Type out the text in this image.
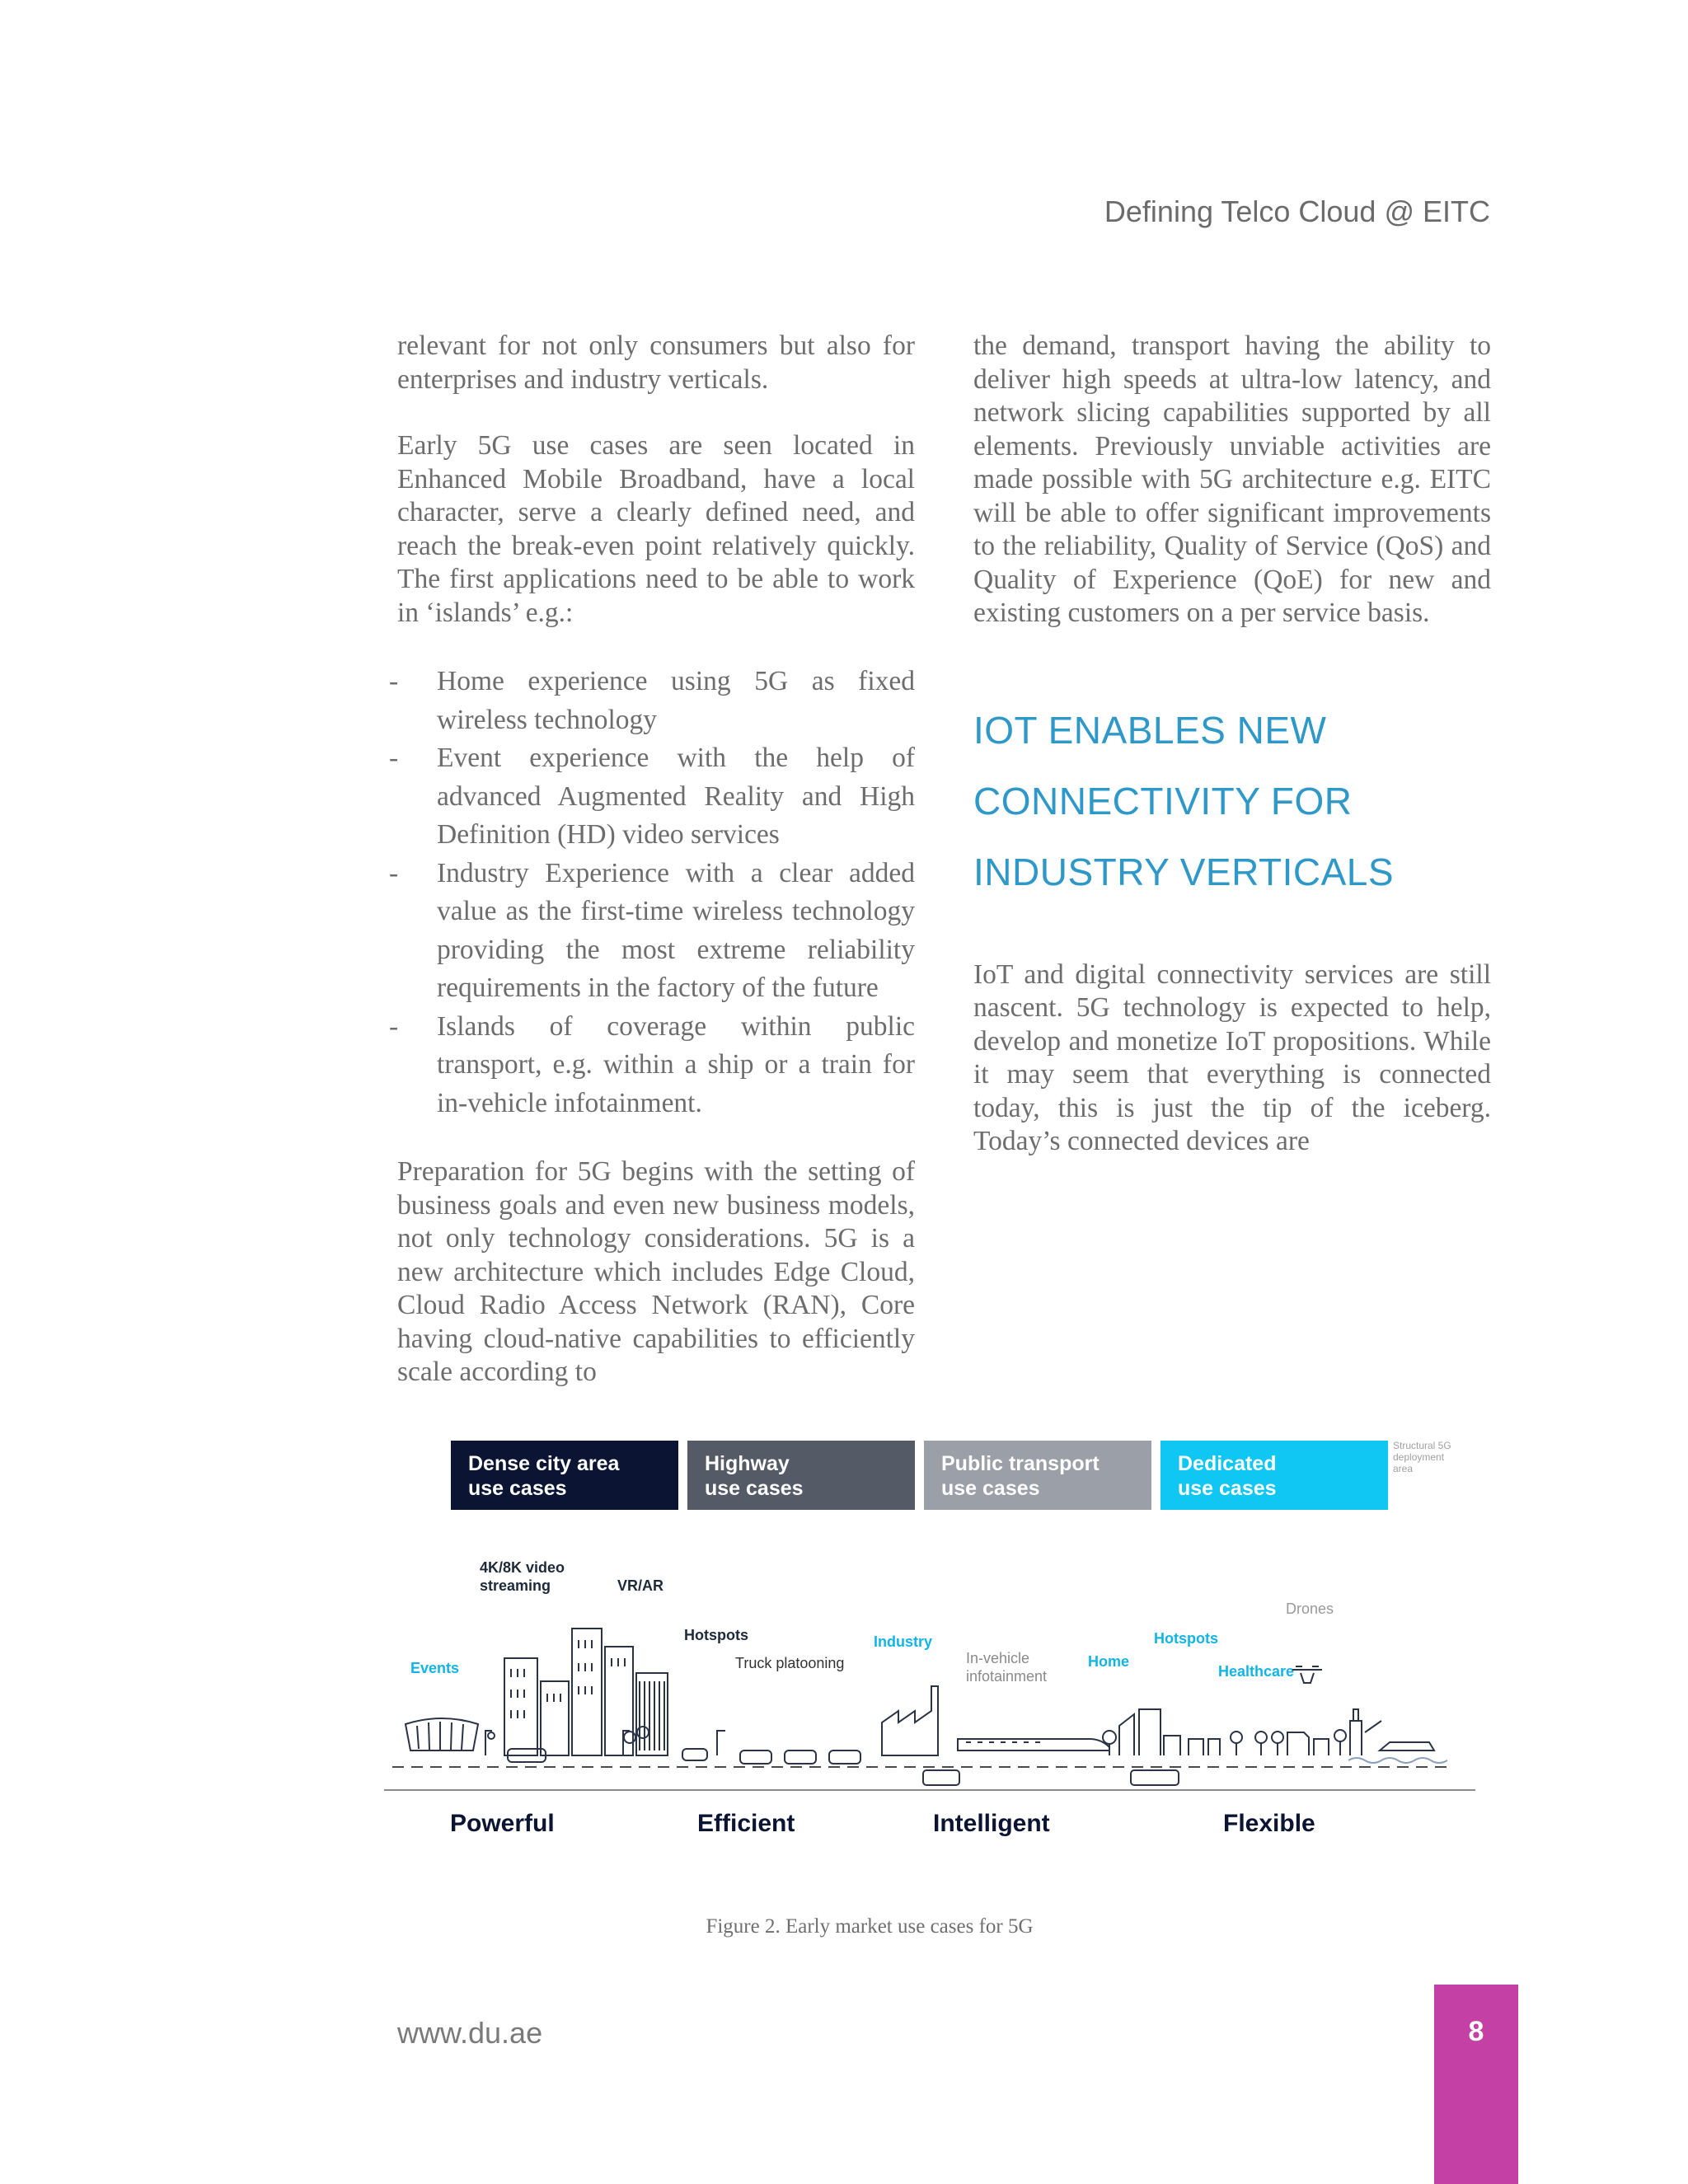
Defining Telco Cloud @ EITC

relevant for not only consumers but also for enterprises and industry verticals.

Early 5G use cases are seen located in Enhanced Mobile Broadband, have a local character, serve a clearly defined need, and reach the break-even point relatively quickly. The first applications need to be able to work in ‘islands’ e.g.:

- Home experience using 5G as fixed wireless technology
- Event experience with the help of advanced Augmented Reality and High Definition (HD) video services
- Industry Experience with a clear added value as the first-time wireless technology providing the most extreme reliability requirements in the factory of the future
- Islands of coverage within public transport, e.g. within a ship or a train for in-vehicle infotainment.

Preparation for 5G begins with the setting of business goals and even new business models, not only technology considerations. 5G is a new architecture which includes Edge Cloud, Cloud Radio Access Network (RAN), Core having cloud-native capabilities to efficiently scale according to

the demand, transport having the ability to deliver high speeds at ultra-low latency, and network slicing capabilities supported by all elements. Previously unviable activities are made possible with 5G architecture e.g. EITC will be able to offer significant improvements to the reliability, Quality of Service (QoS) and Quality of Experience (QoE) for new and existing customers on a per service basis.

IOT ENABLES NEW
CONNECTIVITY FOR
INDUSTRY VERTICALS

IoT and digital connectivity services are still nascent. 5G technology is expected to help, develop and monetize IoT propositions. While it may seem that everything is connected today, this is just the tip of the iceberg. Today’s connected devices are

Dense city area
use cases
Highway
use cases
Public transport
use cases
Dedicated
use cases
Structural 5G
deployment
area
4K/8K video
streaming	VR/AR
Hotspots
Truck platooning
Events
Industry
In-vehicle
infotainment
Home
Hotspots
Healthcare
Drones
Powerful	Efficient	Intelligent	Flexible
Figure 2. Early market use cases for 5G
www.du.ae	8
